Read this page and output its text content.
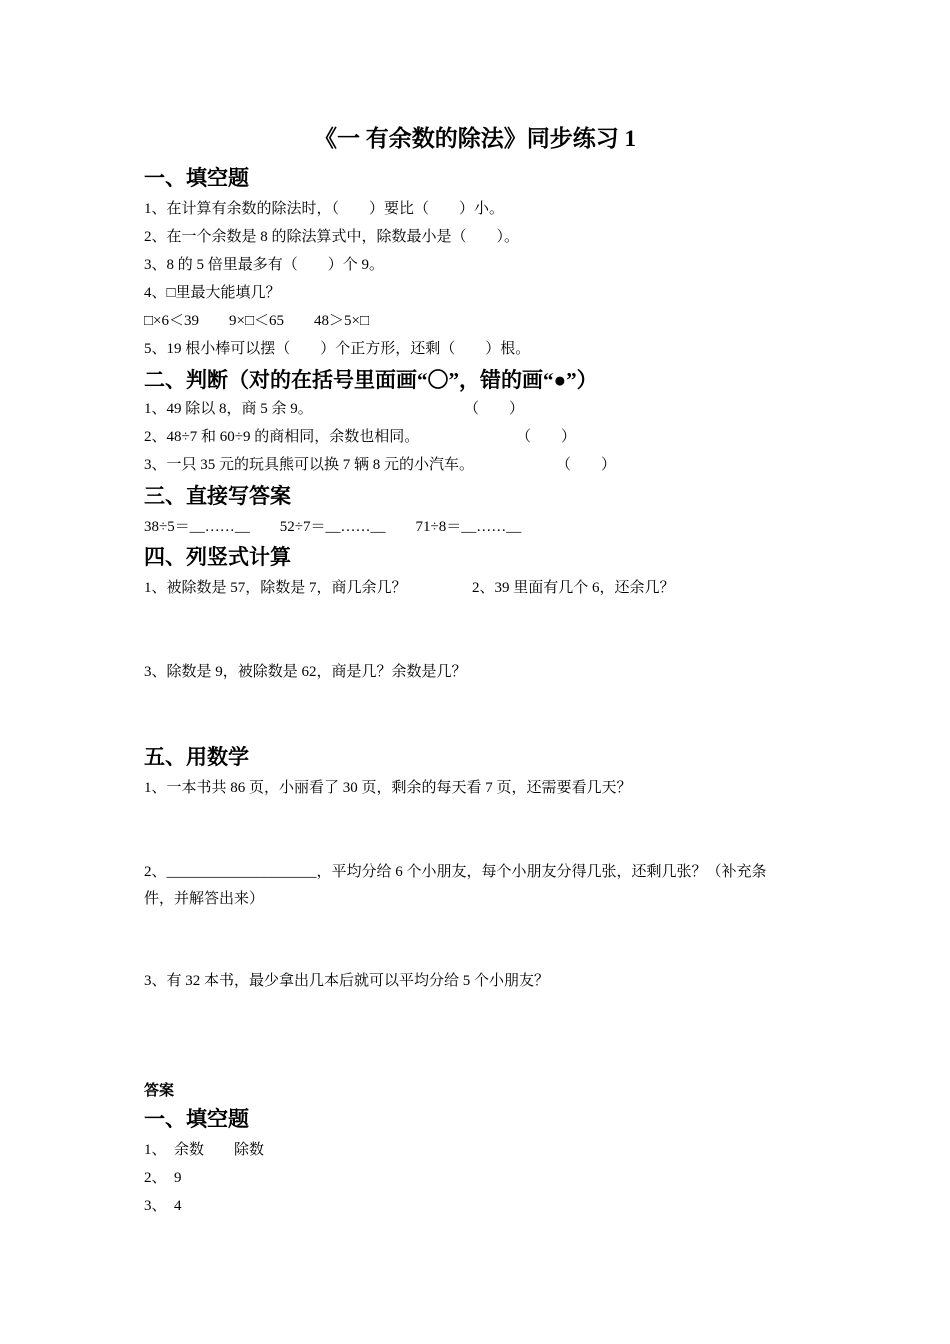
《一 有余数的除法》同步练习 1
一、填空题
1、在计算有余数的除法时，（　　）要比（　　）小。
2、在一个余数是 8 的除法算式中，除数最小是（　　）。
3、8 的 5 倍里最多有（　　）个 9。
4、□里最大能填几？
□×6＜39　　9×□＜65　　48＞5×□
5、19 根小棒可以摆（　　）个正方形，还剩（　　）根。
二、判断（对的在括号里面画“〇”，错的画“●”）
1、49 除以 8，商 5 余 9。	（　　）
2、48÷7 和 60÷9 的商相同，余数也相同。	（　　）
3、一只 35 元的玩具熊可以换 7 辆 8 元的小汽车。	（　　）
三、直接写答案
38÷5＝__……__　　52÷7＝__……__　　71÷8＝__……__
四、列竖式计算
1、被除数是 57，除数是 7，商几余几？	2、39 里面有几个 6，还余几？
3、除数是 9，被除数是 62，商是几？余数是几？
五、用数学
1、一本书共 86 页，小丽看了 30 页，剩余的每天看 7 页，还需要看几天？
2、____________________，平均分给 6 个小朋友，每个小朋友分得几张，还剩几张？（补充条
件，并解答出来）
3、有 32 本书，最少拿出几本后就可以平均分给 5 个小朋友？
答案
一、填空题
1、　余数　　除数
2、　9
3、　4
